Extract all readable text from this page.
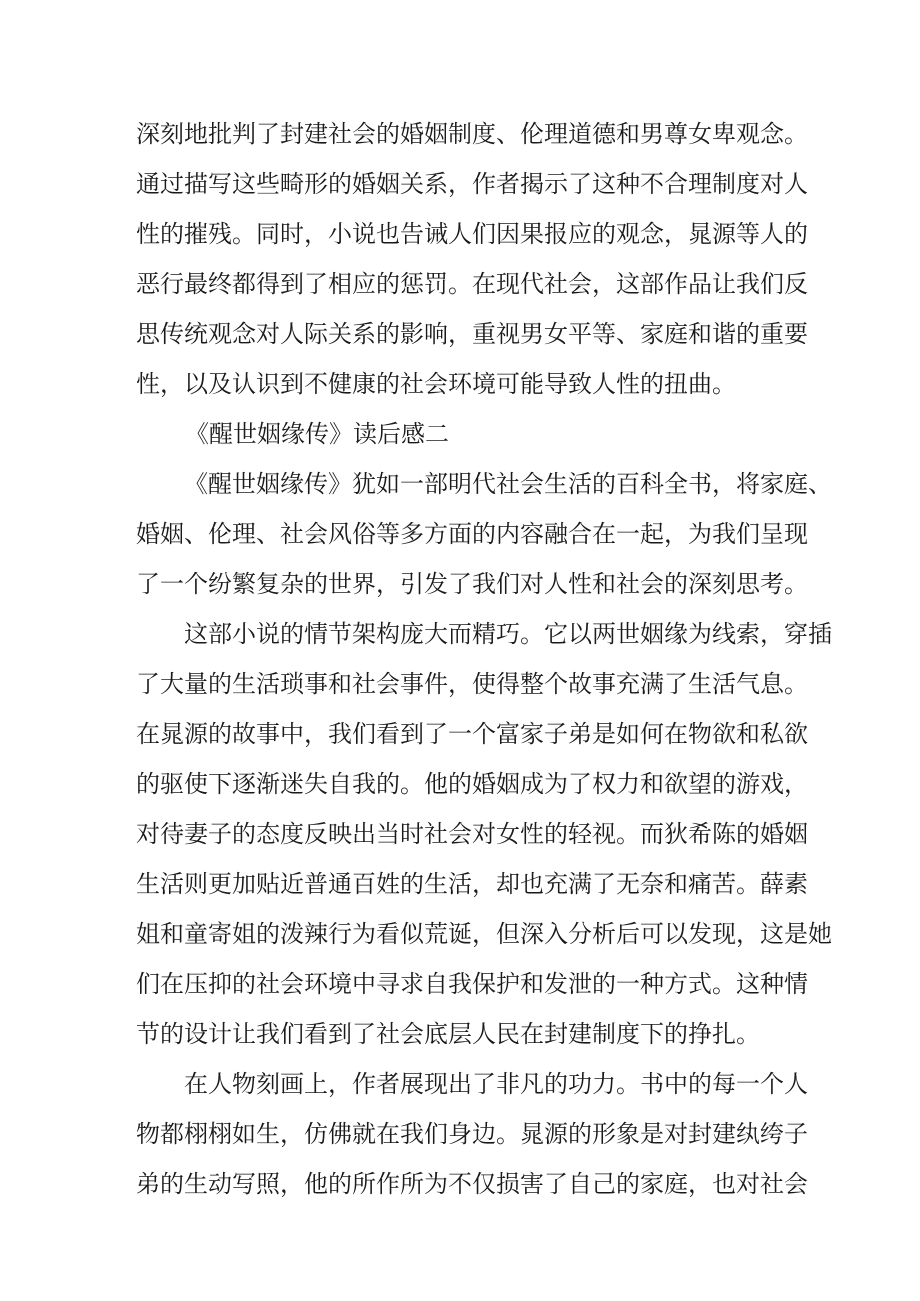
深刻地批判了封建社会的婚姻制度、伦理道德和男尊女卑观念。
通过描写这些畸形的婚姻关系，作者揭示了这种不合理制度对人
性的摧残。同时，小说也告诫人们因果报应的观念，晁源等人的
恶行最终都得到了相应的惩罚。在现代社会，这部作品让我们反
思传统观念对人际关系的影响，重视男女平等、家庭和谐的重要
性，以及认识到不健康的社会环境可能导致人性的扭曲。
《醒世姻缘传》读后感二
《醒世姻缘传》犹如一部明代社会生活的百科全书，将家庭、
婚姻、伦理、社会风俗等多方面的内容融合在一起，为我们呈现
了一个纷繁复杂的世界，引发了我们对人性和社会的深刻思考。
这部小说的情节架构庞大而精巧。它以两世姻缘为线索，穿插
了大量的生活琐事和社会事件，使得整个故事充满了生活气息。
在晁源的故事中，我们看到了一个富家子弟是如何在物欲和私欲
的驱使下逐渐迷失自我的。他的婚姻成为了权力和欲望的游戏，
对待妻子的态度反映出当时社会对女性的轻视。而狄希陈的婚姻
生活则更加贴近普通百姓的生活，却也充满了无奈和痛苦。薛素
姐和童寄姐的泼辣行为看似荒诞，但深入分析后可以发现，这是她
们在压抑的社会环境中寻求自我保护和发泄的一种方式。这种情
节的设计让我们看到了社会底层人民在封建制度下的挣扎。
在人物刻画上，作者展现出了非凡的功力。书中的每一个人
物都栩栩如生，仿佛就在我们身边。晁源的形象是对封建纨绔子
弟的生动写照，他的所作所为不仅损害了自己的家庭，也对社会
